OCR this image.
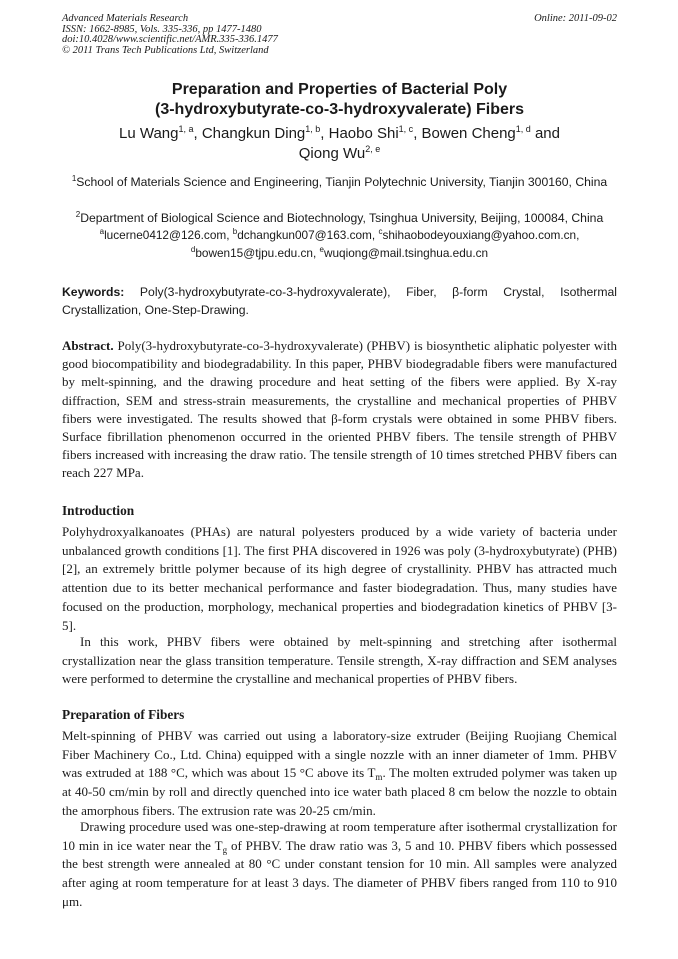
Advanced Materials Research
ISSN: 1662-8985, Vols. 335-336, pp 1477-1480
doi:10.4028/www.scientific.net/AMR.335-336.1477
© 2011 Trans Tech Publications Ltd, Switzerland
Online: 2011-09-02
Preparation and Properties of Bacterial Poly
(3-hydroxybutyrate-co-3-hydroxyvalerate) Fibers
Lu Wang$^{1, a}$, Changkun Ding$^{1, b}$, Haobo Shi$^{1, c}$, Bowen Cheng$^{1, d}$ and
Qiong Wu$^{2, e}$
$^1$School of Materials Science and Engineering, Tianjin Polytechnic University, Tianjin 300160, China
$^2$Department of Biological Science and Biotechnology, Tsinghua University, Beijing, 100084, China
$^a$lucerne0412@126.com, $^b$dchangkun007@163.com, $^c$shihaobodeyouxiang@yahoo.com.cn,
$^d$bowen15@tjpu.edu.cn, $^e$wuqiong@mail.tsinghua.edu.cn
Keywords: Poly(3-hydroxybutyrate-co-3-hydroxyvalerate), Fiber, β-form Crystal, Isothermal Crystallization, One-Step-Drawing.
Abstract. Poly(3-hydroxybutyrate-co-3-hydroxyvalerate) (PHBV) is biosynthetic aliphatic polyester with good biocompatibility and biodegradability. In this paper, PHBV biodegradable fibers were manufactured by melt-spinning, and the drawing procedure and heat setting of the fibers were applied. By X-ray diffraction, SEM and stress-strain measurements, the crystalline and mechanical properties of PHBV fibers were investigated. The results showed that β-form crystals were obtained in some PHBV fibers. Surface fibrillation phenomenon occurred in the oriented PHBV fibers. The tensile strength of PHBV fibers increased with increasing the draw ratio. The tensile strength of 10 times stretched PHBV fibers can reach 227 MPa.
Introduction

Polyhydroxyalkanoates (PHAs) are natural polyesters produced by a wide variety of bacteria under unbalanced growth conditions [1]. The first PHA discovered in 1926 was poly (3-hydroxybutyrate) (PHB) [2], an extremely brittle polymer because of its high degree of crystallinity. PHBV has attracted much attention due to its better mechanical performance and faster biodegradation. Thus, many studies have focused on the production, morphology, mechanical properties and biodegradation kinetics of PHBV [3-5].

In this work, PHBV fibers were obtained by melt-spinning and stretching after isothermal crystallization near the glass transition temperature. Tensile strength, X-ray diffraction and SEM analyses were performed to determine the crystalline and mechanical properties of PHBV fibers.

Preparation of Fibers

Melt-spinning of PHBV was carried out using a laboratory-size extruder (Beijing Ruojiang Chemical Fiber Machinery Co., Ltd. China) equipped with a single nozzle with an inner diameter of 1mm. PHBV was extruded at 188 °C, which was about 15 °C above its $T_m$. The molten extruded polymer was taken up at 40-50 cm/min by roll and directly quenched into ice water bath placed 8 cm below the nozzle to obtain the amorphous fibers. The extrusion rate was 20-25 cm/min.

Drawing procedure used was one-step-drawing at room temperature after isothermal crystallization for 10 min in ice water near the $T_g$ of PHBV. The draw ratio was 3, 5 and 10. PHBV fibers which possessed the best strength were annealed at 80 °C under constant tension for 10 min. All samples were analyzed after aging at room temperature for at least 3 days. The diameter of PHBV fibers ranged from 110 to 910 μm.
